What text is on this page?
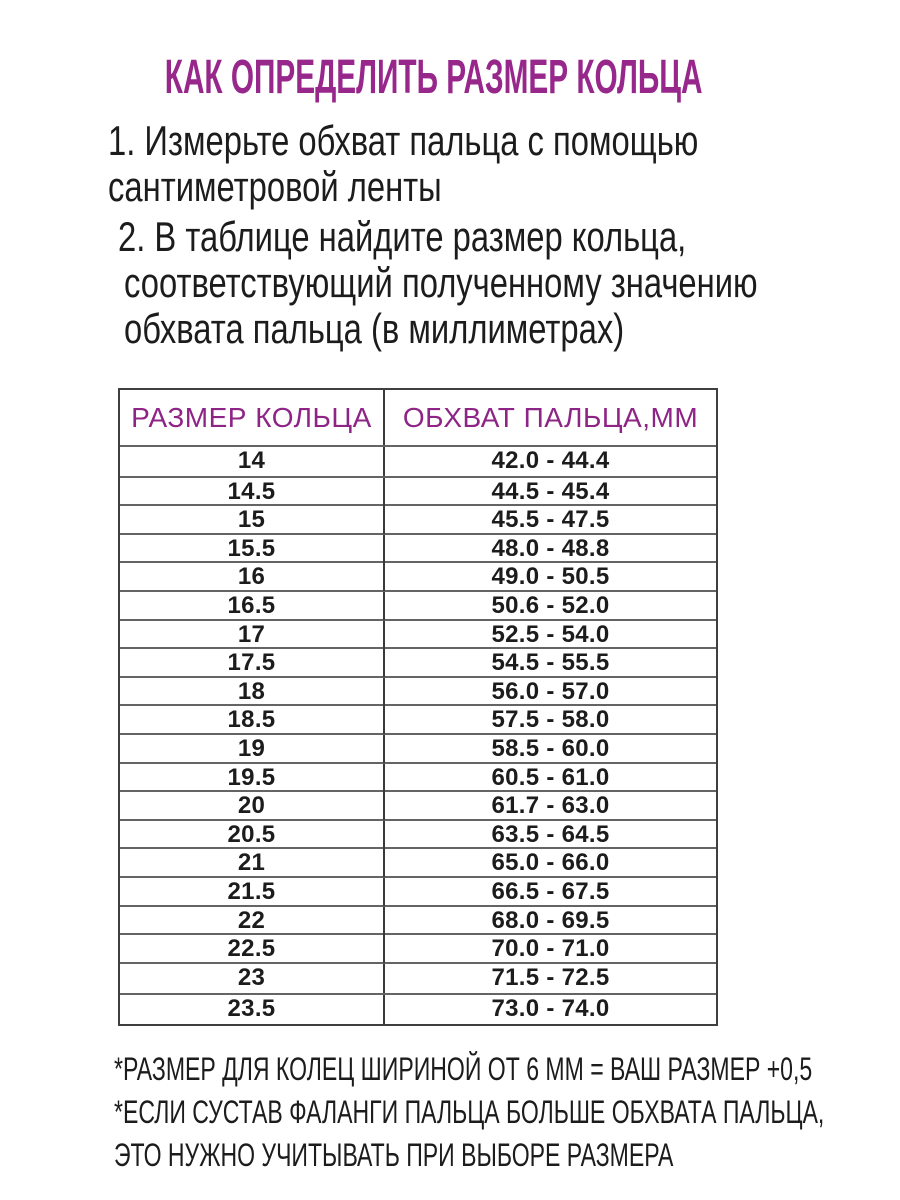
КАК ОПРЕДЕЛИТЬ РАЗМЕР КОЛЬЦА
1. Измерьте обхват пальца с помощью
сантиметровой ленты
2. В таблице найдите размер кольца,
соответствующий полученному значению
обхвата пальца (в миллиметрах)
РАЗМЕР КОЛЬЦА	ОБХВАТ ПАЛЬЦА,ММ
14	42.0 - 44.4
14.5	44.5 - 45.4
15	45.5 - 47.5
15.5	48.0 - 48.8
16	49.0 - 50.5
16.5	50.6 - 52.0
17	52.5 - 54.0
17.5	54.5 - 55.5
18	56.0 - 57.0
18.5	57.5 - 58.0
19	58.5 - 60.0
19.5	60.5 - 61.0
20	61.7 - 63.0
20.5	63.5 - 64.5
21	65.0 - 66.0
21.5	66.5 - 67.5
22	68.0 - 69.5
22.5	70.0 - 71.0
23	71.5 - 72.5
23.5	73.0 - 74.0
*РАЗМЕР ДЛЯ КОЛЕЦ ШИРИНОЙ ОТ 6 ММ = ВАШ РАЗМЕР +0,5
*ЕСЛИ СУСТАВ ФАЛАНГИ ПАЛЬЦА БОЛЬШЕ ОБХВАТА ПАЛЬЦА,
ЭТО НУЖНО УЧИТЫВАТЬ ПРИ ВЫБОРЕ РАЗМЕРА
